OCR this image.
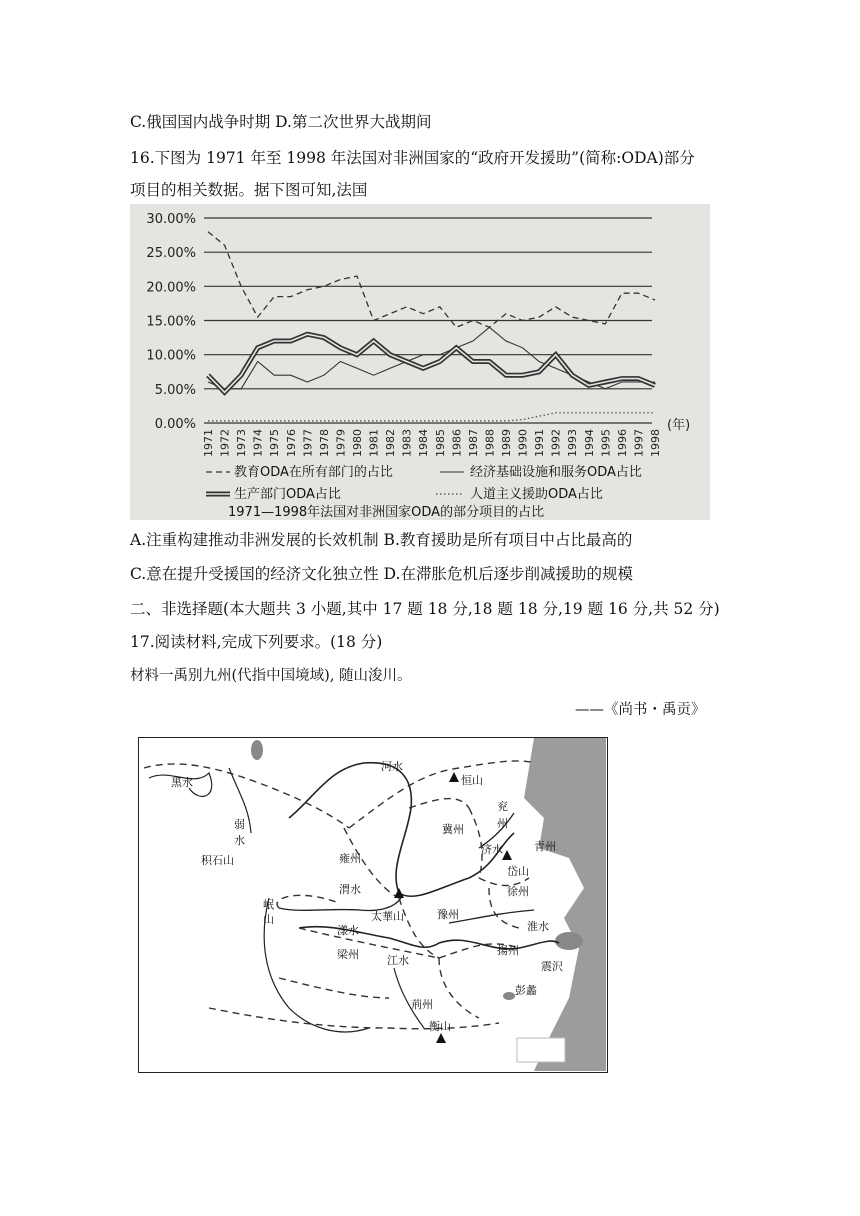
C.俄国国内战争时期 D.第二次世界大战期间
16.下图为 1971 年至 1998 年法国对非洲国家的“政府开发援助”(简称:ODA)部分
项目的相关数据。据下图可知,法国
30.00%
25.00%
20.00%
15.00%
10.00%
5.00%
0.00%
1971 1972 1973 1974 1975 1976 1977 1978 1979 1980 1981 1982 1983 1984 1985 1986 1987 1988 1989 1990 1991 1992 1993 1994 1995 1996 1997 1998
(年)
教育ODA在所有部门的占比	经济基础设施和服务ODA占比
生产部门ODA占比	人道主义援助ODA占比
1971—1998年法国对非洲国家ODA的部分项目的占比
A.注重构建推动非洲发展的长效机制 B.教育援助是所有项目中占比最高的
C.意在提升受援国的经济文化独立性 D.在滞胀危机后逐步削减援助的规模
二、非选择题(本大题共 3 小题,其中 17 题 18 分,18 题 18 分,19 题 16 分,共 52 分)
17.阅读材料,完成下列要求。(18 分)
材料一禹别九州(代指中国境域), 随山浚川。
——《尚书・禹贡》
黑水
弱
水
河水
恒山
兖
州
冀州
济水	青州
岱山
积石山	雍州
渭水	徐州
岷
山	太華山	豫州
淮水
漾水
梁州	江水
揚州
震沢
彭蠡
荊州
衡山
